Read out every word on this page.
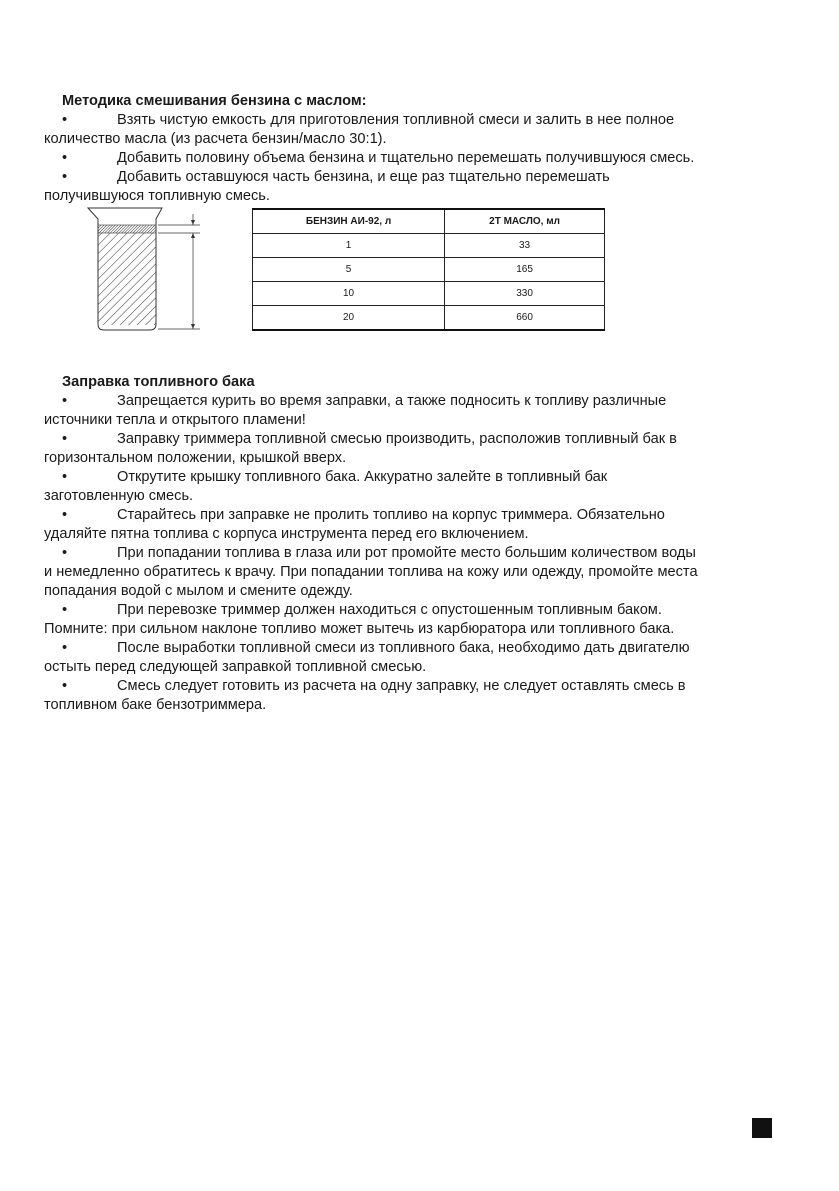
Методика смешивания бензина с маслом:
•	Взять чистую емкость для приготовления топливной смеси и залить в нее полное
количество масла (из расчета бензин/масло 30:1).
•	Добавить половину объема бензина и тщательно перемешать получившуюся смесь.
•	Добавить оставшуюся часть бензина, и еще раз тщательно перемешать
получившуюся топливную смесь.
БЕНЗИН АИ-92, л	2Т МАСЛО, мл
1	33
5	165
10	330
20	660
Заправка топливного бака
•	Запрещается курить во время заправки, а также подносить к топливу различные
источники тепла и открытого пламени!
•	Заправку триммера топливной смесью производить, расположив топливный бак в
горизонтальном положении, крышкой вверх.
•	Открутите крышку топливного бака. Аккуратно залейте в топливный бак
заготовленную смесь.
•	Старайтесь при заправке не пролить топливо на корпус триммера. Обязательно
удаляйте пятна топлива с корпуса инструмента перед его включением.
•	При попадании топлива в глаза или рот промойте место большим количеством воды
и немедленно обратитесь к врачу. При попадании топлива на кожу или одежду, промойте места
попадания водой с мылом и смените одежду.
•	При перевозке триммер должен находиться с опустошенным топливным баком.
Помните: при сильном наклоне топливо может вытечь из карбюратора или топливного бака.
•	После выработки топливной смеси из топливного бака, необходимо дать двигателю
остыть перед следующей заправкой топливной смесью.
•	Смесь следует готовить из расчета на одну заправку, не следует оставлять смесь в
топливном баке бензотриммера.
